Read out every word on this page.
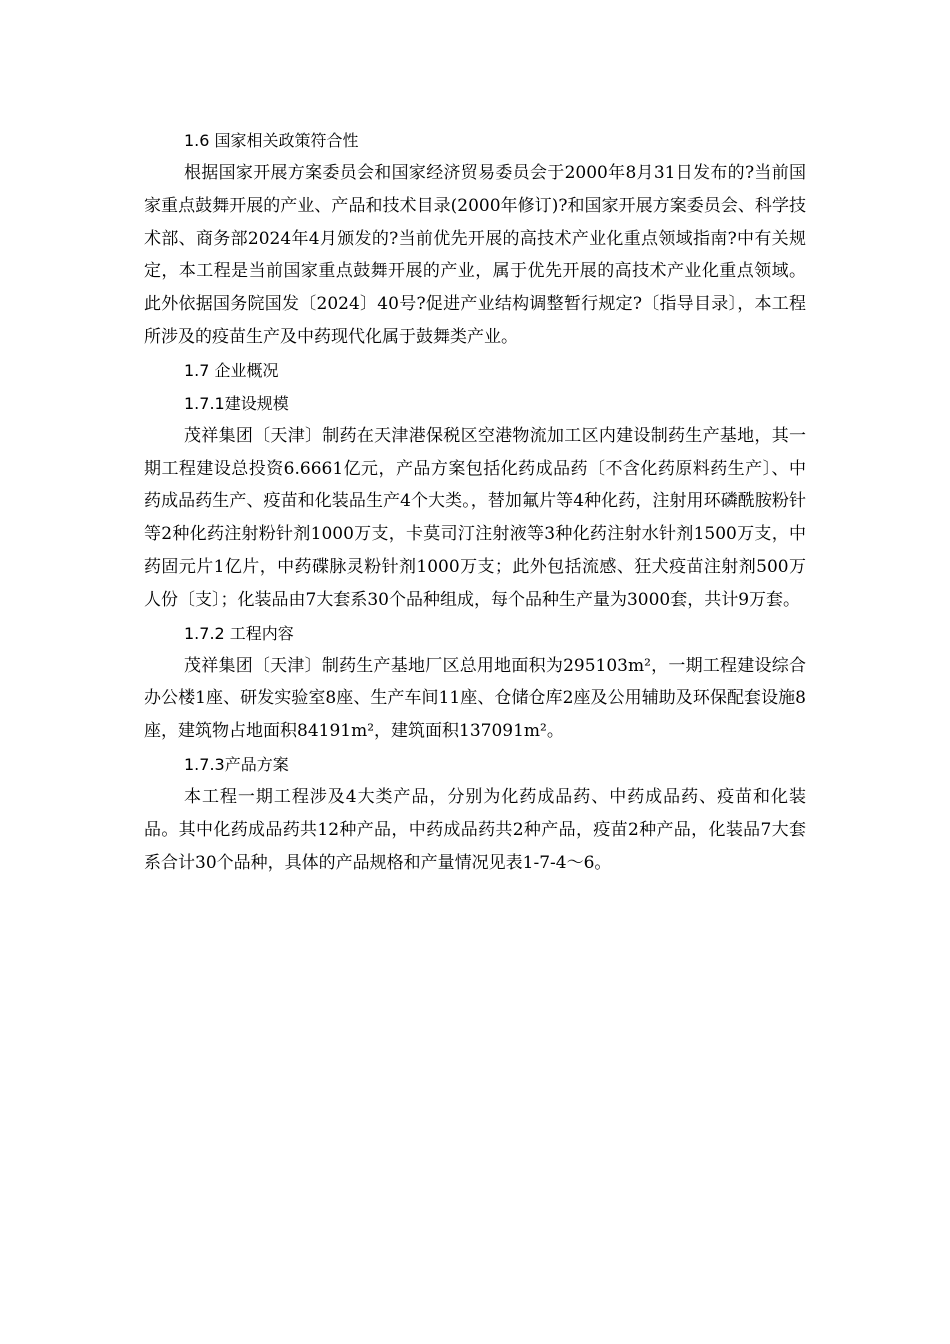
1.6 国家相关政策符合性

根据国家开展方案委员会和国家经济贸易委员会于2000年8月31日发布的?当前国家重点鼓舞开展的产业、产品和技术目录(2000年修订)?和国家开展方案委员会、科学技术部、商务部2024年4月颁发的?当前优先开展的高技术产业化重点领域指南?中有关规定，本工程是当前国家重点鼓舞开展的产业，属于优先开展的高技术产业化重点领域。此外依据国务院国发〔2024〕40号?促进产业结构调整暂行规定?〔指导目录〕，本工程所涉及的疫苗生产及中药现代化属于鼓舞类产业。

1.7 企业概况
1.7.1建设规模

茂祥集团〔天津〕制药在天津港保税区空港物流加工区内建设制药生产基地，其一期工程建设总投资6.6661亿元，产品方案包括化药成品药〔不含化药原料药生产〕、中药成品药生产、疫苗和化装品生产4个大类。，替加氟片等4种化药，注射用环磷酰胺粉针等2种化药注射粉针剂1000万支，卡莫司汀注射液等3种化药注射水针剂1500万支，中药固元片1亿片，中药碟脉灵粉针剂1000万支；此外包括流感、狂犬疫苗注射剂500万人份〔支〕；化装品由7大套系30个品种组成，每个品种生产量为3000套，共计9万套。

1.7.2 工程内容

茂祥集团〔天津〕制药生产基地厂区总用地面积为295103m²，一期工程建设综合办公楼1座、研发实验室8座、生产车间11座、仓储仓库2座及公用辅助及环保配套设施8座，建筑物占地面积84191m²，建筑面积137091m²。

1.7.3产品方案

本工程一期工程涉及4大类产品，分别为化药成品药、中药成品药、疫苗和化装品。其中化药成品药共12种产品，中药成品药共2种产品，疫苗2种产品，化装品7大套系合计30个品种，具体的产品规格和产量情况见表1-7-4～6。
